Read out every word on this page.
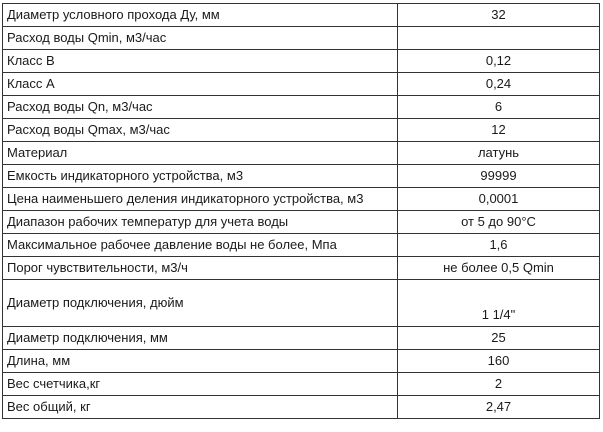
Диаметр условного прохода Ду, мм	32
Расход воды Qmin, м3/час	
Класс В	0,12
Класс А	0,24
Расход воды Qn, м3/час	6
Расход воды Qmax, м3/час	12
Материал	латунь
Емкость индикаторного устройства, м3	99999
Цена наименьшего деления индикаторного устройства, м3	0,0001
Диапазон рабочих температур для учета воды	от 5 до 90°С
Максимальное рабочее давление воды не более, Мпа	1,6
Порог чувствительности, м3/ч	не более 0,5 Qmin
Диаметр подключения, дюйм	1 1/4"
Диаметр подключения, мм	25
Длина, мм	160
Вес счетчика,кг	2
Вес общий, кг	2,47
